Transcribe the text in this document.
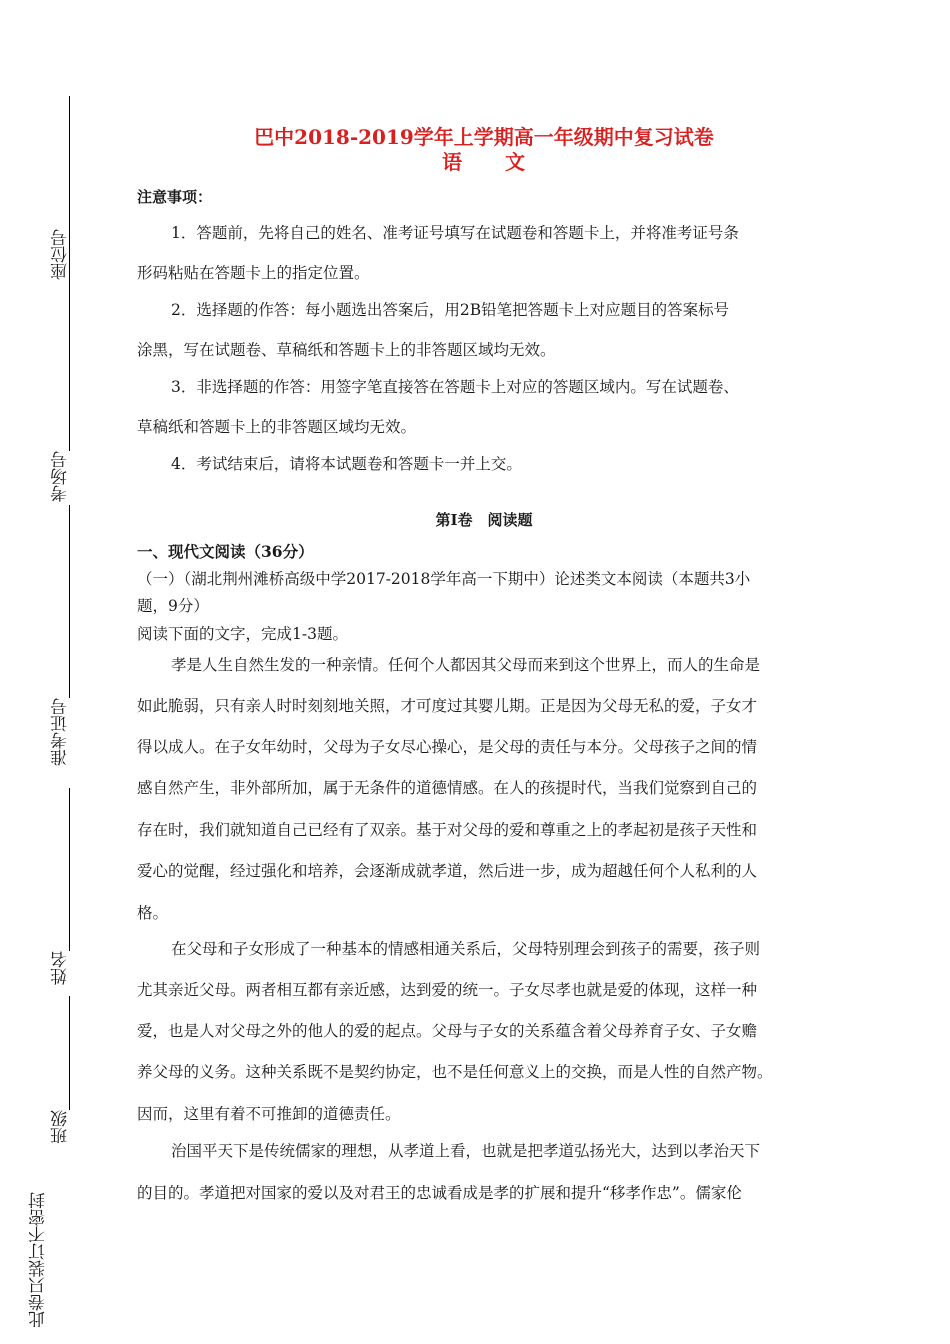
座位号
考场号
准考证号
姓名
班级
此卷只装订不密封
巴中2018-2019学年上学期高一年级期中复习试卷
语　　文
注意事项：
1．答题前，先将自己的姓名、准考证号填写在试题卷和答题卡上，并将准考证号条
形码粘贴在答题卡上的指定位置。
2．选择题的作答：每小题选出答案后，用2B铅笔把答题卡上对应题目的答案标号
涂黑，写在试题卷、草稿纸和答题卡上的非答题区域均无效。
3．非选择题的作答：用签字笔直接答在答题卡上对应的答题区域内。写在试题卷、
草稿纸和答题卡上的非答题区域均无效。
4．考试结束后，请将本试题卷和答题卡一并上交。
第Ⅰ卷　阅读题
一、现代文阅读（36分）
（一）（湖北荆州滩桥高级中学2017-2018学年高一下期中）论述类文本阅读（本题共3小
题，9分）
阅读下面的文字，完成1-3题。
孝是人生自然生发的一种亲情。任何个人都因其父母而来到这个世界上，而人的生命是
如此脆弱，只有亲人时时刻刻地关照，才可度过其婴儿期。正是因为父母无私的爱，子女才
得以成人。在子女年幼时，父母为子女尽心操心，是父母的责任与本分。父母孩子之间的情
感自然产生，非外部所加，属于无条件的道德情感。在人的孩提时代，当我们觉察到自己的
存在时，我们就知道自己已经有了双亲。基于对父母的爱和尊重之上的孝起初是孩子天性和
爱心的觉醒，经过强化和培养，会逐渐成就孝道，然后进一步，成为超越任何个人私利的人
格。
在父母和子女形成了一种基本的情感相通关系后，父母特别理会到孩子的需要，孩子则
尤其亲近父母。两者相互都有亲近感，达到爱的统一。子女尽孝也就是爱的体现，这样一种
爱，也是人对父母之外的他人的爱的起点。父母与子女的关系蕴含着父母养育子女、子女赡
养父母的义务。这种关系既不是契约协定，也不是任何意义上的交换，而是人性的自然产物。
因而，这里有着不可推卸的道德责任。
治国平天下是传统儒家的理想，从孝道上看，也就是把孝道弘扬光大，达到以孝治天下
的目的。孝道把对国家的爱以及对君王的忠诚看成是孝的扩展和提升“移孝作忠”。儒家伦
